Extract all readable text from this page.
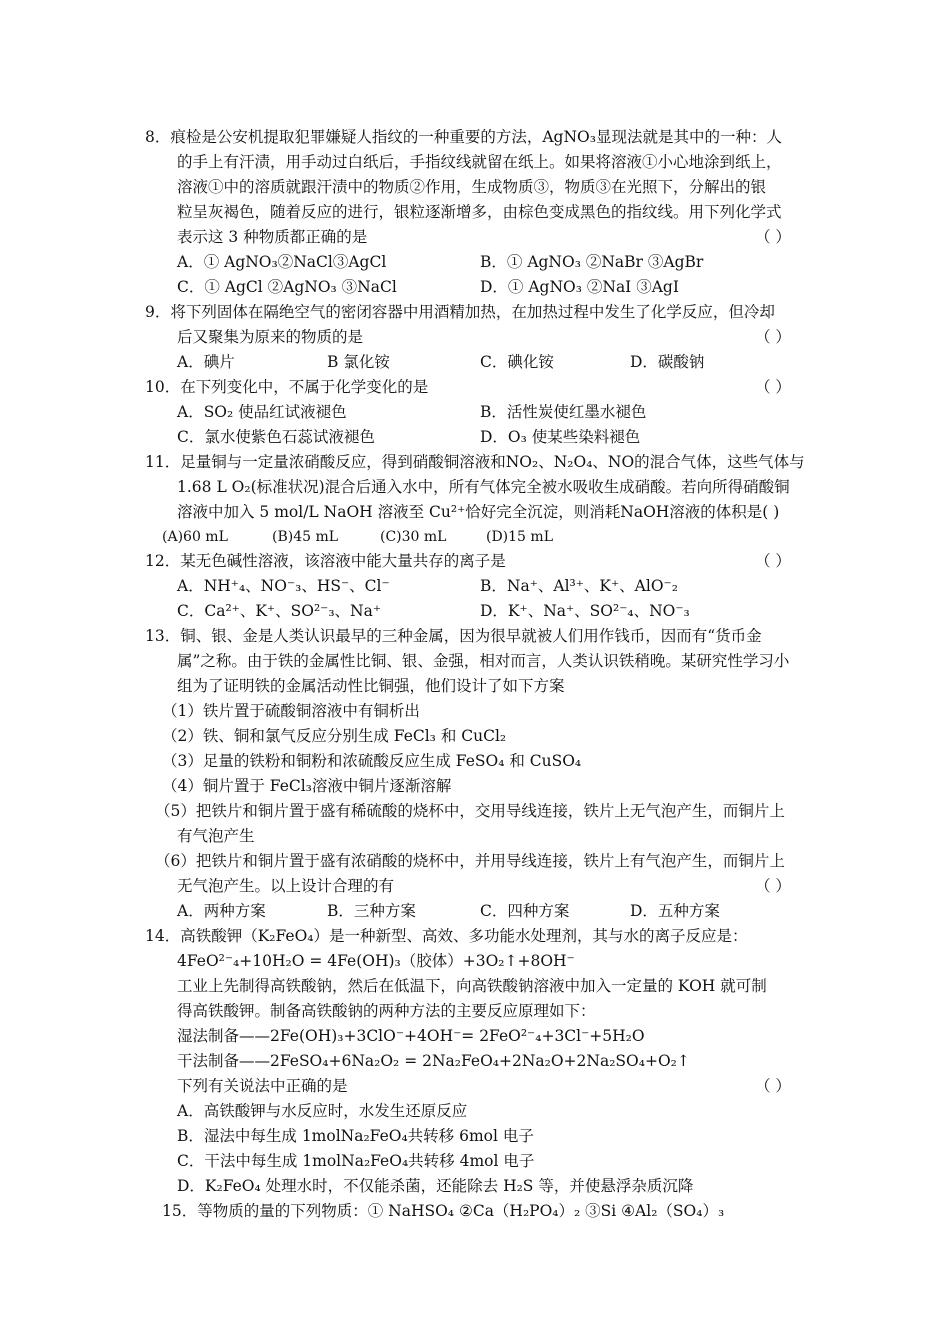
8．痕检是公安机提取犯罪嫌疑人指纹的一种重要的方法，AgNO₃显现法就是其中的一种：人
的手上有汗渍，用手动过白纸后，手指纹线就留在纸上。如果将溶液①小心地涂到纸上，
溶液①中的溶质就跟汗渍中的物质②作用，生成物质③，物质③在光照下，分解出的银
粒呈灰褐色，随着反应的进行，银粒逐渐增多，由棕色变成黑色的指纹线。用下列化学式
表示这 3 种物质都正确的是	（ ）
A．① AgNO₃②NaCl③AgCl	B．① AgNO₃ ②NaBr ③AgBr
C．① AgCl ②AgNO₃ ③NaCl	D．① AgNO₃ ②NaI ③AgI
9．将下列固体在隔绝空气的密闭容器中用酒精加热，在加热过程中发生了化学反应，但冷却
后又聚集为原来的物质的是	（ ）
A．碘片	B 氯化铵	C．碘化铵	D．碳酸钠
10．在下列变化中，不属于化学变化的是	（ ）
A．SO₂ 使品红试液褪色	B．活性炭使红墨水褪色
C．氯水使紫色石蕊试液褪色	D．O₃ 使某些染料褪色
11．足量铜与一定量浓硝酸反应，得到硝酸铜溶液和NO₂、N₂O₄、NO的混合气体，这些气体与
1.68 L O₂(标准状况)混合后通入水中，所有气体完全被水吸收生成硝酸。若向所得硝酸铜
溶液中加入 5 mol/L NaOH 溶液至 Cu²⁺恰好完全沉淀，则消耗NaOH溶液的体积是( )
(A)60 mL	(B)45 mL	(C)30 mL	(D)15 mL
12．某无色碱性溶液，该溶液中能大量共存的离子是	（ ）
A．NH⁺₄、NO⁻₃、HS⁻、Cl⁻	B．Na⁺、Al³⁺、K⁺、AlO⁻₂
C．Ca²⁺、K⁺、SO²⁻₃、Na⁺	D．K⁺、Na⁺、SO²⁻₄、NO⁻₃
13．铜、银、金是人类认识最早的三种金属，因为很早就被人们用作钱币，因而有“货币金
属”之称。由于铁的金属性比铜、银、金强，相对而言，人类认识铁稍晚。某研究性学习小
组为了证明铁的金属活动性比铜强，他们设计了如下方案
（1）铁片置于硫酸铜溶液中有铜析出
（2）铁、铜和氯气反应分别生成 FeCl₃ 和 CuCl₂
（3）足量的铁粉和铜粉和浓硫酸反应生成 FeSO₄ 和 CuSO₄
（4）铜片置于 FeCl₃溶液中铜片逐渐溶解
（5）把铁片和铜片置于盛有稀硫酸的烧杯中，交用导线连接，铁片上无气泡产生，而铜片上
有气泡产生
（6）把铁片和铜片置于盛有浓硝酸的烧杯中，并用导线连接，铁片上有气泡产生，而铜片上
无气泡产生。以上设计合理的有	（ ）
A．两种方案	B．三种方案	C．四种方案	D．五种方案
14．高铁酸钾（K₂FeO₄）是一种新型、高效、多功能水处理剂，其与水的离子反应是：
4FeO²⁻₄+10H₂O = 4Fe(OH)₃（胶体）+3O₂↑+8OH⁻
工业上先制得高铁酸钠，然后在低温下，向高铁酸钠溶液中加入一定量的 KOH 就可制
得高铁酸钾。制备高铁酸钠的两种方法的主要反应原理如下：
湿法制备——2Fe(OH)₃+3ClO⁻+4OH⁻= 2FeO²⁻₄+3Cl⁻+5H₂O
干法制备——2FeSO₄+6Na₂O₂ = 2Na₂FeO₄+2Na₂O+2Na₂SO₄+O₂↑
下列有关说法中正确的是	（ ）
A．高铁酸钾与水反应时，水发生还原反应
B．湿法中每生成 1molNa₂FeO₄共转移 6mol 电子
C．干法中每生成 1molNa₂FeO₄共转移 4mol 电子
D．K₂FeO₄ 处理水时，不仅能杀菌，还能除去 H₂S 等，并使悬浮杂质沉降
15．等物质的量的下列物质：① NaHSO₄ ②Ca（H₂PO₄）₂ ③Si ④Al₂（SO₄）₃
